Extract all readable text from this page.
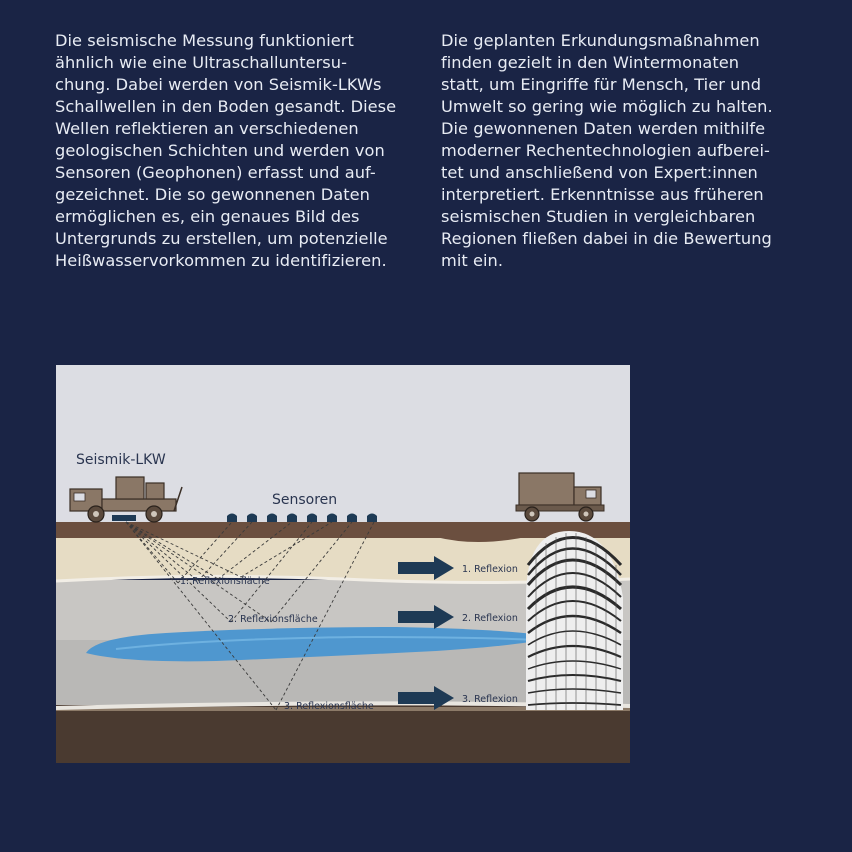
Die seismische Messung funktioniert
ähnlich wie eine Ultraschalluntersu-
chung. Dabei werden von Seismik-LKWs
Schallwellen in den Boden gesandt. Diese
Wellen reflektieren an verschiedenen
geologischen Schichten und werden von
Sensoren (Geophonen) erfasst und auf-
gezeichnet. Die so gewonnenen Daten
ermöglichen es, ein genaues Bild des
Untergrunds zu erstellen, um potenzielle
Heißwasservorkommen zu identifizieren.
Die geplanten Erkundungsmaßnahmen
finden gezielt in den Wintermonaten
statt, um Eingriffe für Mensch, Tier und
Umwelt so gering wie möglich zu halten.
Die gewonnenen Daten werden mithilfe
moderner Rechentechnologien aufberei-
tet und anschließend von Expert:innen
interpretiert. Erkenntnisse aus früheren
seismischen Studien in vergleichbaren
Regionen fließen dabei in die Bewertung
mit ein.
Seismik-LKW
Sensoren
1. Reflexionsfläche
2. Reflexionsfläche
3. Reflexionsfläche
1. Reflexion
2. Reflexion
3. Reflexion
